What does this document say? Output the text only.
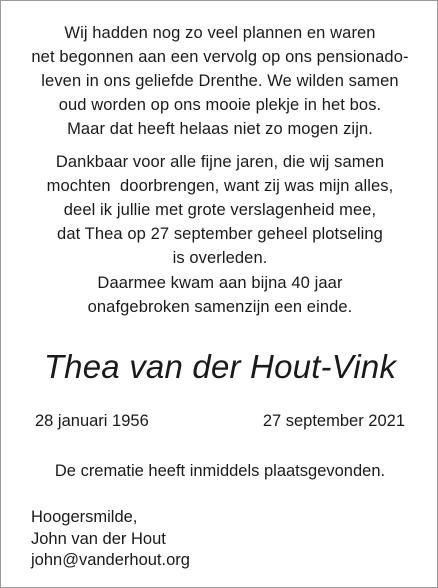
Wij hadden nog zo veel plannen en waren
net begonnen aan een vervolg op ons pensionado-
leven in ons geliefde Drenthe. We wilden samen
oud worden op ons mooie plekje in het bos.
Maar dat heeft helaas niet zo mogen zijn.
Dankbaar voor alle fijne jaren, die wij samen
mochten  doorbrengen, want zij was mijn alles,
deel ik jullie met grote verslagenheid mee,
dat Thea op 27 september geheel plotseling
is overleden.
Daarmee kwam aan bijna 40 jaar
onafgebroken samenzijn een einde.
Thea van der Hout-Vink
28 januari 1956	27 september 2021
De crematie heeft inmiddels plaatsgevonden.
Hoogersmilde,
John van der Hout
john@vanderhout.org
